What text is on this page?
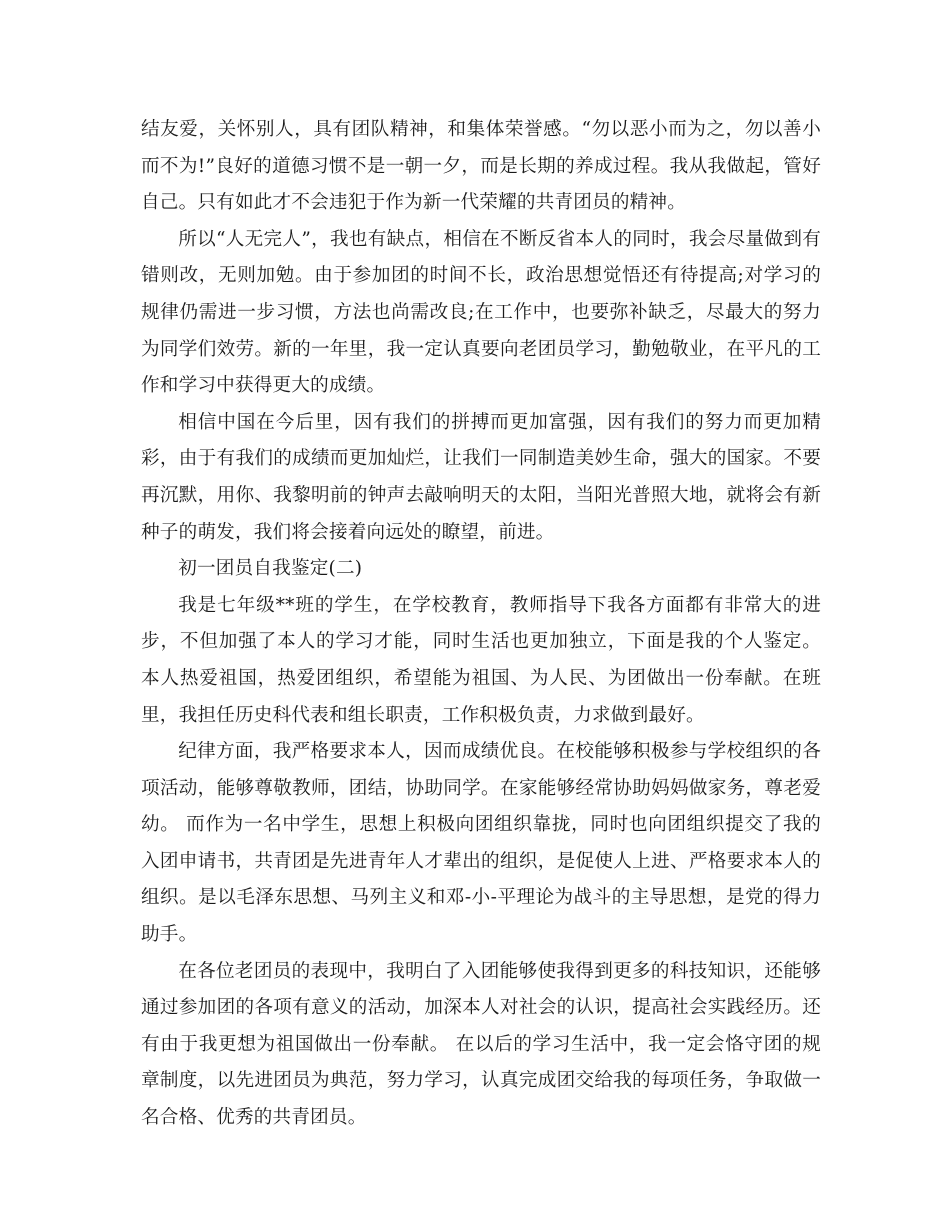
结友爱，关怀别人，具有团队精神，和集体荣誉感。“勿以恶小而为之，勿以善小而不为!”良好的道德习惯不是一朝一夕，而是长期的养成过程。我从我做起，管好自己。只有如此才不会违犯于作为新一代荣耀的共青团员的精神。

所以“人无完人”，我也有缺点，相信在不断反省本人的同时，我会尽量做到有错则改，无则加勉。由于参加团的时间不长，政治思想觉悟还有待提高;对学习的规律仍需进一步习惯，方法也尚需改良;在工作中，也要弥补缺乏，尽最大的努力为同学们效劳。新的一年里，我一定认真要向老团员学习，勤勉敬业，在平凡的工作和学习中获得更大的成绩。

相信中国在今后里，因有我们的拼搏而更加富强，因有我们的努力而更加精彩，由于有我们的成绩而更加灿烂，让我们一同制造美妙生命，强大的国家。不要再沉默，用你、我黎明前的钟声去敲响明天的太阳，当阳光普照大地，就将会有新种子的萌发，我们将会接着向远处的瞭望，前进。

初一团员自我鉴定(二)

我是七年级**班的学生，在学校教育，教师指导下我各方面都有非常大的进步，不但加强了本人的学习才能，同时生活也更加独立，下面是我的个人鉴定。 本人热爱祖国，热爱团组织，希望能为祖国、为人民、为团做出一份奉献。在班里，我担任历史科代表和组长职责，工作积极负责，力求做到最好。

纪律方面，我严格要求本人，因而成绩优良。在校能够积极参与学校组织的各项活动，能够尊敬教师，团结，协助同学。在家能够经常协助妈妈做家务，尊老爱幼。 而作为一名中学生，思想上积极向团组织靠拢，同时也向团组织提交了我的入团申请书，共青团是先进青年人才辈出的组织，是促使人上进、严格要求本人的组织。是以毛泽东思想、马列主义和邓-小-平理论为战斗的主导思想，是党的得力助手。

在各位老团员的表现中，我明白了入团能够使我得到更多的科技知识，还能够通过参加团的各项有意义的活动，加深本人对社会的认识，提高社会实践经历。还有由于我更想为祖国做出一份奉献。 在以后的学习生活中，我一定会恪守团的规章制度，以先进团员为典范，努力学习，认真完成团交给我的每项任务，争取做一名合格、优秀的共青团员。
